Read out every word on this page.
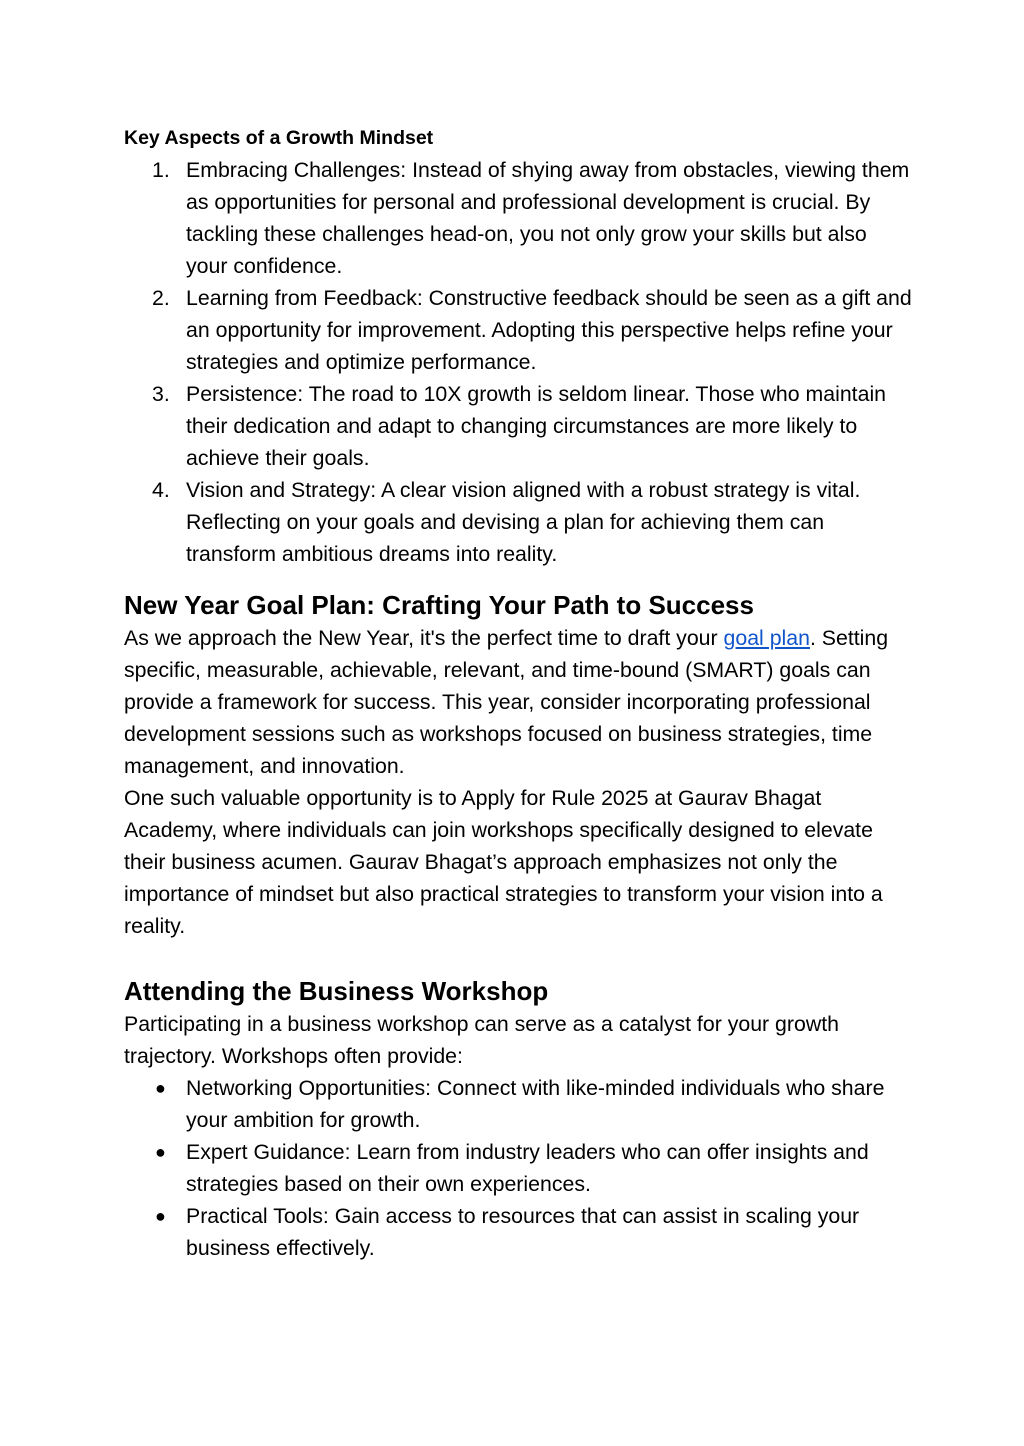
Key Aspects of a Growth Mindset
1. Embracing Challenges: Instead of shying away from obstacles, viewing them as opportunities for personal and professional development is crucial. By tackling these challenges head-on, you not only grow your skills but also your confidence.
2. Learning from Feedback: Constructive feedback should be seen as a gift and an opportunity for improvement. Adopting this perspective helps refine your strategies and optimize performance.
3. Persistence: The road to 10X growth is seldom linear. Those who maintain their dedication and adapt to changing circumstances are more likely to achieve their goals.
4. Vision and Strategy: A clear vision aligned with a robust strategy is vital. Reflecting on your goals and devising a plan for achieving them can transform ambitious dreams into reality.
New Year Goal Plan: Crafting Your Path to Success

As we approach the New Year, it's the perfect time to draft your goal plan. Setting specific, measurable, achievable, relevant, and time-bound (SMART) goals can provide a framework for success. This year, consider incorporating professional development sessions such as workshops focused on business strategies, time management, and innovation.

One such valuable opportunity is to Apply for Rule 2025 at Gaurav Bhagat Academy, where individuals can join workshops specifically designed to elevate their business acumen. Gaurav Bhagat’s approach emphasizes not only the importance of mindset but also practical strategies to transform your vision into a reality.

Attending the Business Workshop

Participating in a business workshop can serve as a catalyst for your growth trajectory. Workshops often provide:

● Networking Opportunities: Connect with like-minded individuals who share your ambition for growth.
● Expert Guidance: Learn from industry leaders who can offer insights and strategies based on their own experiences.
● Practical Tools: Gain access to resources that can assist in scaling your business effectively.
